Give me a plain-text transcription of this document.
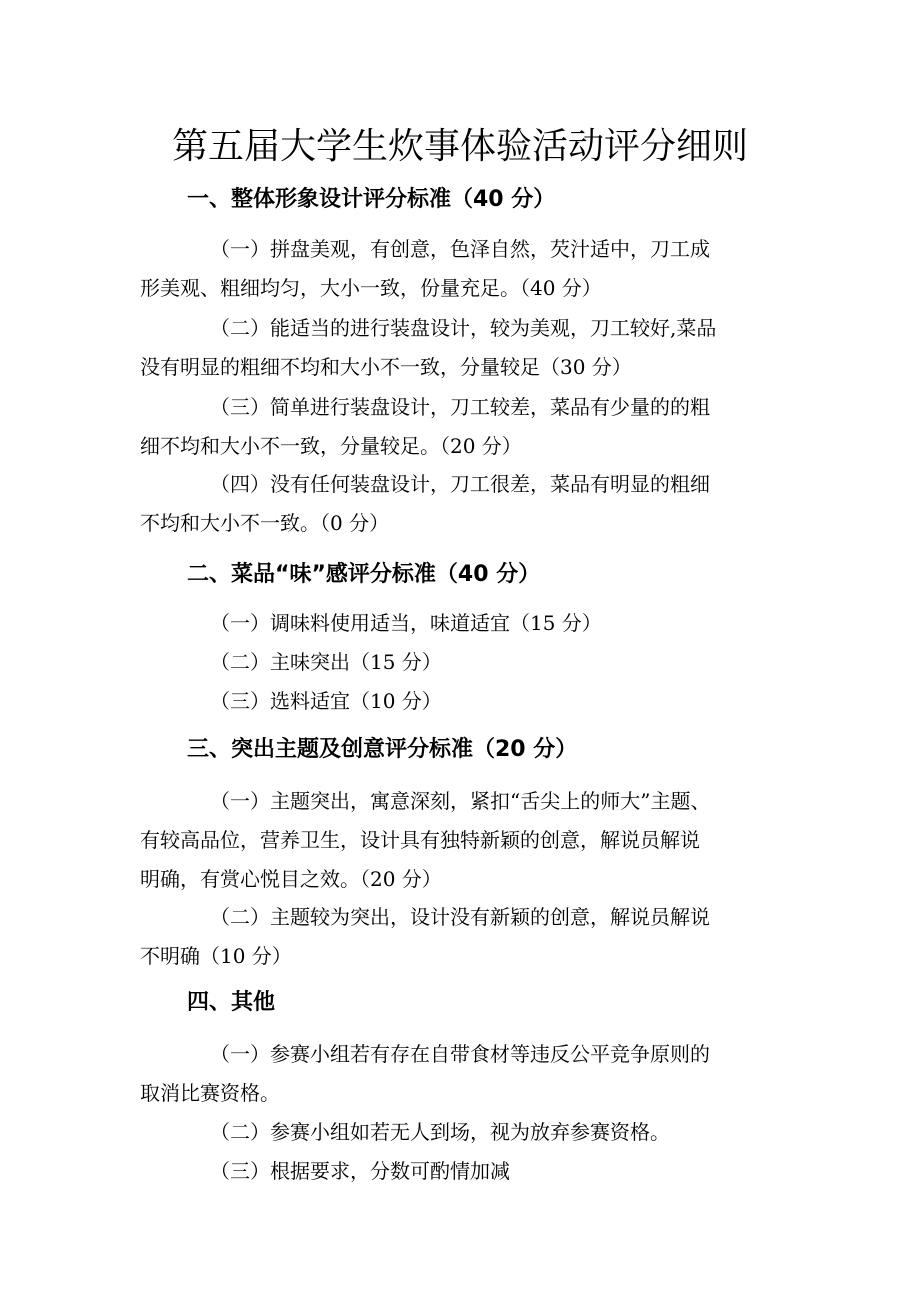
第五届大学生炊事体验活动评分细则
一、整体形象设计评分标准（40 分）
（一）拼盘美观，有创意，色泽自然，芡汁适中，刀工成
形美观、粗细均匀，大小一致，份量充足。（40 分）
（二）能适当的进行装盘设计，较为美观，刀工较好,菜品
没有明显的粗细不均和大小不一致，分量较足（30 分）
（三）简单进行装盘设计，刀工较差，菜品有少量的的粗
细不均和大小不一致，分量较足。（20 分）
（四）没有任何装盘设计，刀工很差，菜品有明显的粗细
不均和大小不一致。（0 分）
二、菜品“味”感评分标准（40 分）
（一）调味料使用适当，味道适宜（15 分）
（二）主味突出（15 分）
（三）选料适宜（10 分）
三、突出主题及创意评分标准（20 分）
（一）主题突出，寓意深刻，紧扣“舌尖上的师大”主题、
有较高品位，营养卫生，设计具有独特新颖的创意，解说员解说
明确，有赏心悦目之效。（20 分）
（二）主题较为突出，设计没有新颖的创意，解说员解说
不明确（10 分）
四、其他
（一）参赛小组若有存在自带食材等违反公平竞争原则的
取消比赛资格。
（二）参赛小组如若无人到场，视为放弃参赛资格。
（三）根据要求，分数可酌情加减
